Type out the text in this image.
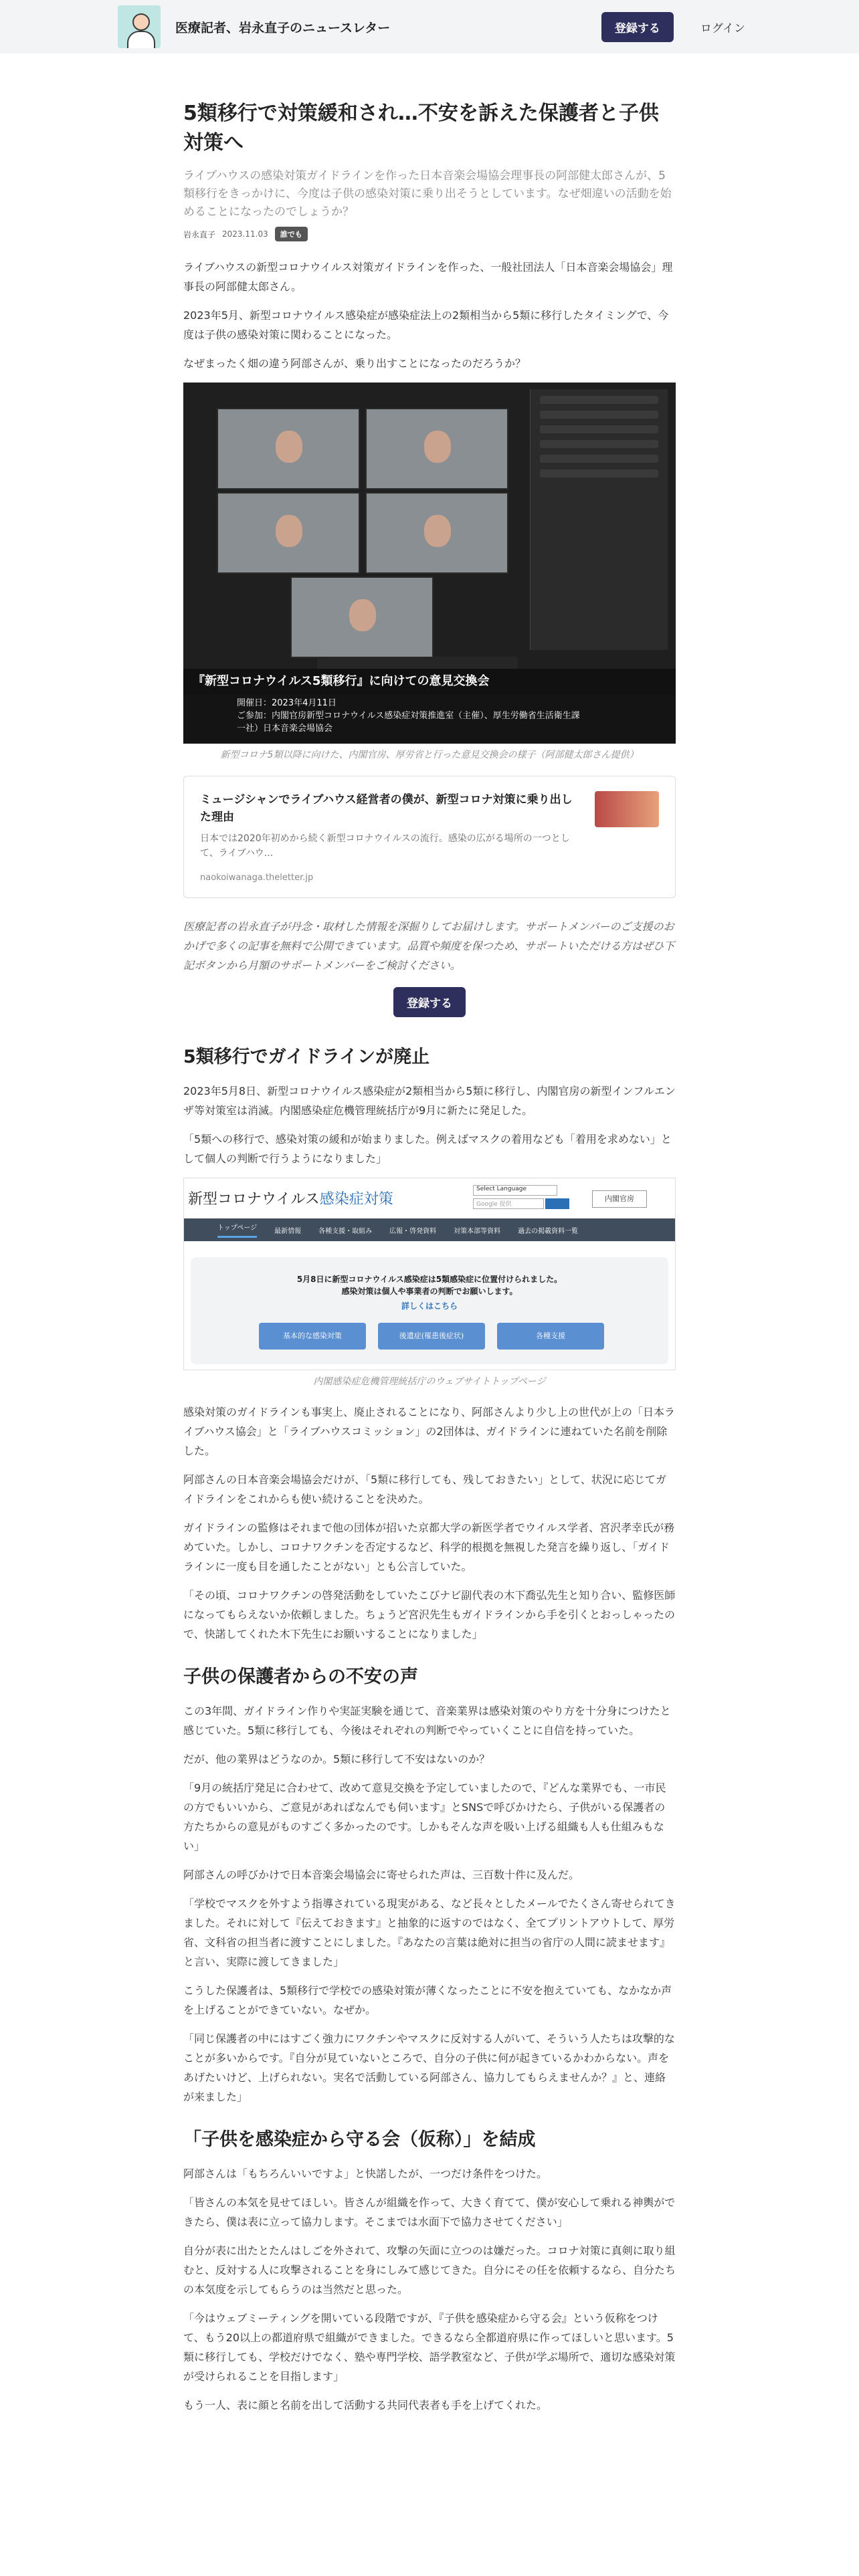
医療記者、岩永直子のニュースレター	登録する	ログイン
5類移行で対策緩和され…不安を訴えた保護者と子供対策へ
ライブハウスの感染対策ガイドラインを作った日本音楽会場協会理事長の阿部健太郎さんが、5類移行をきっかけに、今度は子供の感染対策に乗り出そうとしています。なぜ畑違いの活動を始めることになったのでしょうか？
岩永直子 2023.11.03	誰でも

ライブハウスの新型コロナウイルス対策ガイドラインを作った、一般社団法人「日本音楽会場協会」理事長の阿部健太郎さん。

2023年5月、新型コロナウイルス感染症が感染症法上の2類相当から5類に移行したタイミングで、今度は子供の感染対策に関わることになった。

なぜまったく畑の違う阿部さんが、乗り出すことになったのだろうか？

『新型コロナウイルス5類移行』に向けての意見交換会
開催日：2023年4月11日
ご参加：内閣官房新型コロナウイルス感染症対策推進室（主催）、厚生労働省生活衛生課
一社）日本音楽会場協会
新型コロナ5類以降に向けた、内閣官房、厚労省と行った意見交換会の様子（阿部健太郎さん提供）
ミュージシャンでライブハウス経営者の僕が、新型コロナ対策に乗り出した理由
日本では2020年初めから続く新型コロナウイルスの流行。感染の広がる場所の一つとして、ライブハウ...
naokoiwanaga.theletter.jp
医療記者の岩永直子が丹念・取材した情報を深掘りしてお届けします。サポートメンバーのご支援のおかげで多くの記事を無料で公開できています。品質や頻度を保つため、サポートいただける方はぜひ下記ボタンから月額のサポートメンバーをご検討ください。
登録する
5類移行でガイドラインが廃止

2023年5月8日、新型コロナウイルス感染症が2類相当から5類に移行し、内閣官房の新型インフルエンザ等対策室は消滅。内閣感染症危機管理統括庁が9月に新たに発足した。

「5類への移行で、感染対策の緩和が始まりました。例えばマスクの着用なども「着用を求めない」として個人の判断で行うようになりました」

新型コロナウイルス感染症対策
Select Language
Google 提供
内閣官房
トップページ	最新情報	各種支援・取組み	広報・啓発資料	対策本部等資料	過去の掲載資料一覧
5月8日に新型コロナウイルス感染症は5類感染症に位置付けられました。
感染対策は個人や事業者の判断でお願いします。
詳しくはこちら
基本的な感染対策	後遺症(罹患後症状)	各種支援
内閣感染症危機管理統括庁のウェブサイトトップページ

感染対策のガイドラインも事実上、廃止されることになり、阿部さんより少し上の世代が上の「日本ライブハウス協会」と「ライブハウスコミッション」の2団体は、ガイドラインに連ねていた名前を削除した。

阿部さんの日本音楽会場協会だけが、「5類に移行しても、残しておきたい」として、状況に応じてガイドラインをこれからも使い続けることを決めた。

ガイドラインの監修はそれまで他の団体が招いた京都大学の新医学者でウイルス学者、宮沢孝幸氏が務めていた。しかし、コロナワクチンを否定するなど、科学的根拠を無視した発言を繰り返し、「ガイドラインに一度も目を通したことがない」とも公言していた。

「その頃、コロナワクチンの啓発活動をしていたこびナビ副代表の木下喬弘先生と知り合い、監修医師になってもらえないか依頼しました。ちょうど宮沢先生もガイドラインから手を引くとおっしゃったので、快諾してくれた木下先生にお願いすることになりました」

子供の保護者からの不安の声

この3年間、ガイドライン作りや実証実験を通じて、音楽業界は感染対策のやり方を十分身につけたと感じていた。5類に移行しても、今後はそれぞれの判断でやっていくことに自信を持っていた。

だが、他の業界はどうなのか。5類に移行して不安はないのか？

「9月の統括庁発足に合わせて、改めて意見交換を予定していましたので、『どんな業界でも、一市民の方でもいいから、ご意見があればなんでも伺います』とSNSで呼びかけたら、子供がいる保護者の方たちからの意見がものすごく多かったのです。しかもそんな声を吸い上げる組織も人も仕組みもない」

阿部さんの呼びかけで日本音楽会場協会に寄せられた声は、三百数十件に及んだ。

「学校でマスクを外すよう指導されている現実がある、など長々としたメールでたくさん寄せられてきました。それに対して『伝えておきます』と抽象的に返すのではなく、全てプリントアウトして、厚労省、文科省の担当者に渡すことにしました。『あなたの言葉は絶対に担当の省庁の人間に読ませます』と言い、実際に渡してきました」

こうした保護者は、5類移行で学校での感染対策が薄くなったことに不安を抱えていても、なかなか声を上げることができていない。なぜか。

「同じ保護者の中にはすごく強力にワクチンやマスクに反対する人がいて、そういう人たちは攻撃的なことが多いからです。『自分が見ていないところで、自分の子供に何が起きているかわからない。声をあげたいけど、上げられない。実名で活動している阿部さん、協力してもらえませんか？』と、連絡が来ました」

「子供を感染症から守る会（仮称）」を結成

阿部さんは「もちろんいいですよ」と快諾したが、一つだけ条件をつけた。

「皆さんの本気を見せてほしい。皆さんが組織を作って、大きく育てて、僕が安心して乗れる神輿ができたら、僕は表に立って協力します。そこまでは水面下で協力させてください」

自分が表に出たとたんはしごを外されて、攻撃の矢面に立つのは嫌だった。コロナ対策に真剣に取り組むと、反対する人に攻撃されることを身にしみて感じてきた。自分にその任を依頼するなら、自分たちの本気度を示してもらうのは当然だと思った。

「今はウェブミーティングを開いている段階ですが、『子供を感染症から守る会』という仮称をつけて、もう20以上の都道府県で組織ができました。できるなら全都道府県に作ってほしいと思います。5類に移行しても、学校だけでなく、塾や専門学校、語学教室など、子供が学ぶ場所で、適切な感染対策が受けられることを目指します」

もう一人、表に顔と名前を出して活動する共同代表者も手を上げてくれた。
